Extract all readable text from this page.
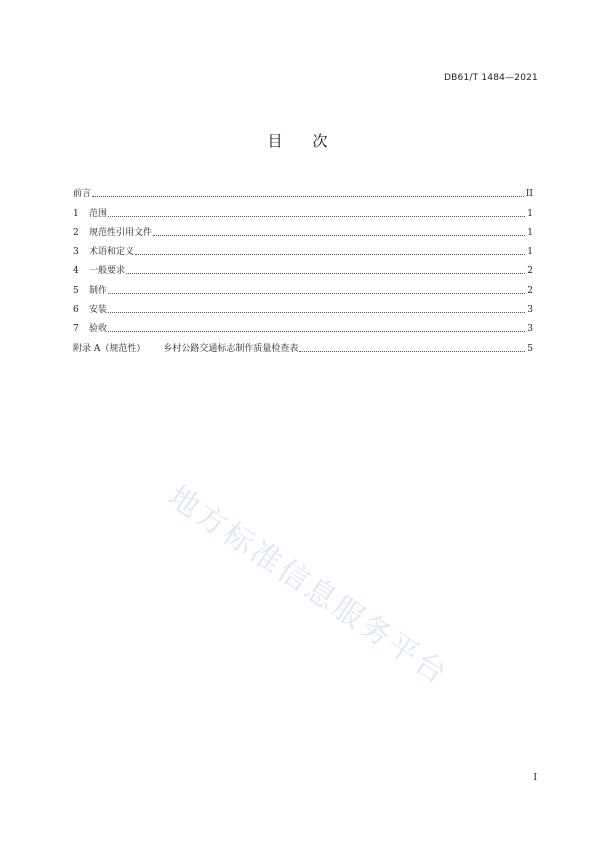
DB61/T 1484—2021
目次
前言	II
1	范围	1
2	规范性引用文件	1
3	术语和定义	1
4	一般要求	2
5	制作	2
6	安装	3
7	验收	3
附录 A（规范性） 乡村公路交通标志制作质量检查表	5
地方标准信息服务平台
I
